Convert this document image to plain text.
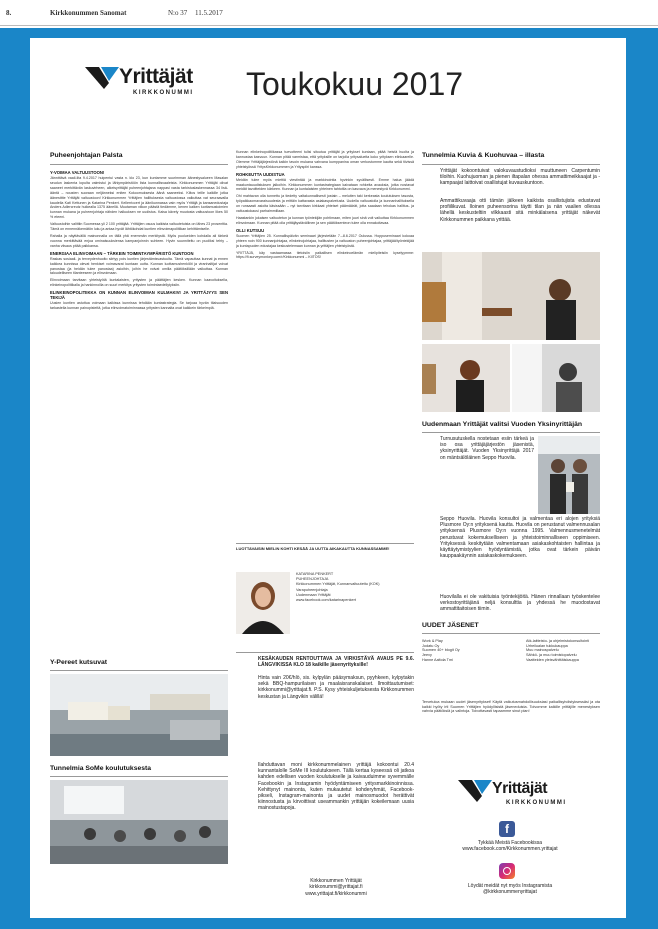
8.	Kirkkonummen Sanomat	N:o 37 11.5.2017
Yrittäjät
KIRKKONUMMI Toukokuu 2017
Puheenjohtajan Palsta
Y-VOIMAA VALTUUSTOON!

Jännittävä vaali-ilta 9.4.2017 huipentui vasta n. klo 23, kun kuntamme suurimman äänestysalueen Masalan seudun laskenta lopulta valmistui ja lähiympäristöön lista kunnallisvaaleista. Kirkkonummen Yrittäjät olivat saaneet merkittävän laskuvirheen, alkeisyrittäjät puheenjohtajana nappasi vasta tarkistuslaskennassa 34 lisä-ääntä – nousten suoraan neljänneksi eniten Kokoomuksesta äänä saaneeksi. Kiitos teille kaikille jotka äänestitte Yrittäjät valtuustoon! Kirkkonummen Yrittäjien hallituksesta valtuustossa valkuttaa vat seuraavalla kaudella Kati Kettunen ja Katarina Penkert. Kellerriccert ja äänikunnassa vain myös Yrittäjä ja kansanedustaja Anders Adlercreutz huikealla 1375 äänellä. Muutaman viikon päästä tiedämme, kenen kaiken luottamustoimien kunnan mukana ja puheenjohtaja nähden halluuksen ne uudistus. Kaisa kävely muutosta valtuustoon likes 50 % eteeni.

Valtuustoihin valittiin Suomessa yli 2 100 yrittäjää. Yrittäjien osuus kaikista valtuutetuista on lähes 23 prosenttia. Tämä on ennennäkemätön luku ja antaa hyvät lähtökohdat kuntien elinvoimapolitiikan kehittämiselle.

Rahalla ja näyttävällä mainonnalla on tällä yhä enemmän merkitystä. Myös puolueiden kohdalla ali tärkeä vuonna merkittävää enjoa ominaisuuksiensa kampanjoinnin suhteen. Hyvin suunniteltu on puoliksi tehty – vanha viisaus pitää paikkansa.

ENERGIAA ELINVOIMAAN – TÄRKEIN TOIMINTAYMPÄRISTÖ KUNTOON

Raskas sosiaali- ja terveydenhuolto siirtyy pois kuntien järjestämisvastuulta. Tämä vapauttaa kunnat ja ennen kaikkea kunnissa olevat henkiset voimavarat kuntaan uutta. Kunnan luottamushenkilöt ja viranhaltijat voivat panostaa (ja heidän tulee panostaa) asioihin, joihin he voivat omilla päätöksillään vaikuttaa. Kunnan taloudelliseen tilanteeseen ja elinvoimaan.

Elinvoimaan tarvitaan yhteistyötä kuntalaisten, yritysten ja päättäjien kesken. Kunnan kaavoituksella, elinkeinopolitiikalla ja hankinnoilla on suuri merkitys yritysten toimintaedellytyksiin.

ELINKEINOPOLITIIKKA ON KUNNAN ELINVOIMAN KULMAKIVI JA YRITTÄJYYS SEN TEKIJÄ

Uusien kuntien astuttua voimaan kaikissa kunnissa tehdään kuntastrategia. Se tarjoaa hyvän tilaisuuden tarkastella kunnan painopisteitä, jotka elinvoimatoiminnassa yritysten kannalta ovat kaikkein tärkeimpiä.

Y-Pereet kutsuvat
Tunnelmia SoMe koulutuksesta

Kunnan elinkeinopolitiikassa tuevotteeni tulisi sitoutua yrittäjät ja yritykset kuntaan, pitää heistä huolta ja kannustaa kasvuun. Kunnan pitää varmistaa, että yrityksille on tarjolla yritysalueita koko yrityksen elinkaarelle. Olemme Yrittäjäjärjestönä kaikin tavoin mukana vahvana kumppanina oman verkostomme kautta sekä tiivissä yhteistyössä YritysKirkkonummen ja Yrityspiiri kanssa.

ROHKEUTTA UUDISTUA

Meidän tulee myös miettiä viestintää ja markkinointia hyvinkin syvällisesti. Emme halua jäädä maakuntauudistuksen jalkoihin. Kirkkonummen kuntastrategiaan kaivataan rohkeita avauksia, jotka nostavat meidät tavoitteiden kärkeen. Kunnan ja kuntalaisten yhteinen tahtotila on kasvava ja menestyvä Kirkkonummi.

Ohi mahtavan olla tunnettu ja tiedetty valtakunnallisesti jostain – meluiten taki kerkeasta koulutuksen tasosta, työpaikkaomavaraisuudesta ja erittäin kattavasta asiakaspalvelusta. Uudella valtuustolla ja kunnanhallituksella on runsaasti asioita käsissään – nyt tarvitaan kirkkaat yhteiset päämäärät, jotta saadaan tehokas hallitus- ja valtuustokausi parhaimmillaan.

Haastankin jokaisen valtuutetun ja kunnan työntekijän pohtimaan, miten juuri sinä voit vaikuttaa Kirkkonummen elinvoimaan. Kunnan pitää olla yrittäjäystävällinen ja sen päätöksenteon tulee olla ennakoitavaa.

OLLI KUTSUU

Suomen Yrittäjien 25. Kunnallispäivän seminaari järjestetään 7.–8.6.2017 Oulussa. Hoppuseminaari kokoaa yhteen noin 900 kunnanjohtajaa, elinkeinojohtajaa, hallitusten ja valtuuston puheenjohtajaa, yrittäjää/työntekijää ja kuntapuolen edustajaa keskustelemaan kunnan ja yrittäjien yhteistyöstä.

YRITTÄJÄ, käy vastaamassa tietoisiin paikallisen elinkeinoelämän mielipiteisiin kyselyymme: https://fi.surveymonkey.com/r/Kirkkonummi – KIITOS!

LUOTTAVAISIN MIELIN KOHTI KESÄÄ JA UUTTA AIKAKAUTTA KUNNASSAMME!
KATARINA PENKERT
PUHEENJOHTAJA
Kirkkonummen Yrittäjät, Kunnanvaltuutettu (KOK)
Varapuheenjohtaja
Uudenmaan Yrittäjät
www.facebook.com/katarinapenkert
KESÄKAUDEN RENTOUTTAVA JA VIRKISTÄVÄ AVAUS PE 9.6. LÄNGVIKISSA KLO 18 kaikille jäsenyrityksille!
Hinta vain 20€/hlö, sis. kylpylän pääsymaksun, pyyhkeen, kylpytakin sekä BBQ-hampurilaisen ja maalaisranskalaiset. Ilmoittautumiset: kirkkonummi@yrittajat.fi. P.S. Kysy yhteiskuljetuksesta Kirkkonummen keskustan ja Längvikin välillä!
Ilahduttavan moni kirkkonummelainen yrittäjä kokoontui 20.4 kunnantalolle SoMe III koulutukseen. Tällä kertaa kyseessä oli jatkoa kahden edellisen vuoden koulutukselle ja kaivauduimme syvemmälle Facebookin ja Instagramin hyödyntämiseen yritysmarkkinoinnissa. Kehittynyt mainonta, kuten mukautetut kohderyhmät, Facebook-pikseli, Instagram-mainonta ja uudet mainosmuodot herättivät kiinnostusta ja kirvoittivat useammankin yrittäjän kokeilemaan uusia mainostustapoja.
Kirkkonummen Yrittäjät
kirkkonummi@yrittajat.fi
www.yrittajat.fi/kirkkonummi
Tunnelmia Kuvia & Kuohuvaa – illasta
Yrittäjät kokoontuivat valokuvaustudioksi muuttuneen Carpentumin tiloihin. Kuohujuoman ja pienen iltapalan ohessa ammattimeikkaajat ja -kampaajat laittoivat osallistujat kuvauskuntoon.
Ammattikuvaaja otti tämän jälkeen kaikista osallistujista edustavat profiilikuvat. Iloinen puheensorina täytti tilan ja nän vaalien ollessa lähellä keskusteltiin vilkkaasti sitä minkälaisena yrittäjät näkevät Kirkkonummen paikkana yrittää.
Uudenmaan Yrittäjät valitsi Vuoden Yksinyrittäjän
Turnusutuskella nostetaan esiin tärkeä ja iso osa yrittäjäjärjestön jäsenistä, yksinyrittäjät. Vuoden Yksinyrittäjä 2017 on mäntsälöläinen Seppo Huovila.
Seppo Huovila. Huovila konsultoi ja valmentaa eri alojen yrityksiä Plusmore Oy:n yrityksenä kautta. Huovila on perustanut valmennusalan yrityksensä Plusmore Oy:n vuonna 1995. Valmennusmenetelmät perustuvat kokemukselliseen ja yhteistoiminnalliseen oppimiseen. Yrityksessä keskitytään valmentamaan asiakaskohtaisten hallintaa ja käyttäytymistyylien hyödyntämistä, jotka ovat tärkein päivän kauppaakäynnin asiakaskokemukseen.
Huovilalla ei ole vakituisia työntekijöitä. Hänen rinnallaan työskentelee verkostoyrittäjänä neljä konsulttia ja yhdessä he muodostavat ammattitaitoisen tiimin.
UUDET JÄSENET
Work & Play	Atk-laitteisto- ja ohjelmistokonsultointi
Jodatu Oy	Urheilualan tukkukauppa
Suomen 40+ blogit Oy	Muu mainospalvelu
Jeevy	Sähkö- ja muu toimistopalvelu
Hanne Aaltola Tmi	Vaatteiden yleisvähittäiskauppa
Tervetuloa mukaan uudet jäsenyritykset! Käytä vaikutusmahdollisuuksiasi paikallisyhdistyksessäsi ja ota kaikki hyöty irti Suomen Yrittäjien hyödyllisistä jäseneduista. Toivomme kaikille yrittäjille menestyksen vahvia päätöksiä ja valintoja. Toivottavasti tapaamme sinut pian!
Yrittäjät
KIRKKONUMMI
f
Tykkää Meistä Facebookissa
www.facebook.com/Kirkkonummen.yrittajat
Löydät meidät nyt myös Instagramista
@kirkkonummenyrittajat
